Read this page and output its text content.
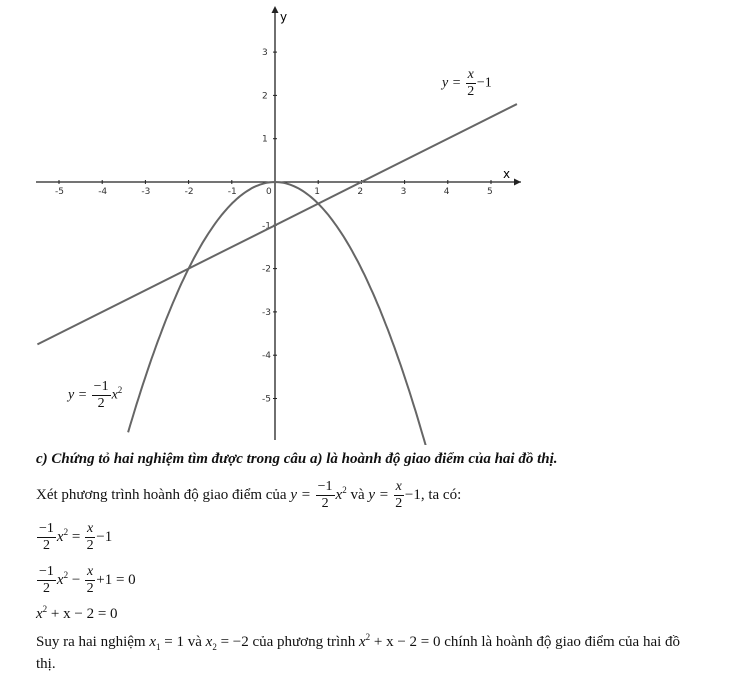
-5	-4	-3	-2	-1	0	1	2	3	4	5
3
2
1
-1
-2
-3
-4
-5
x
y
$y = \frac{x}{2} -1$
$y = \frac{-1}{2} x^2$
c) Chứng tỏ hai nghiệm tìm được trong câu a) là hoành độ giao điểm của hai đồ thị.
Xét phương trình hoành độ giao điểm của $y = \frac{-1}{2} x^2$ và $y = \frac{x}{2} -1$, ta có:
$\frac{-1}{2} x^2 = \frac{x}{2} -1$
$\frac{-1}{2} x^2 - \frac{x}{2} +1 = 0$
$x^2 + x - 2 = 0$
Suy ra hai nghiệm $x_1 = 1$ và $x_2 = -2$ của phương trình $x^2 + x - 2 = 0$ chính là hoành độ giao điểm của hai đồ
thị.
